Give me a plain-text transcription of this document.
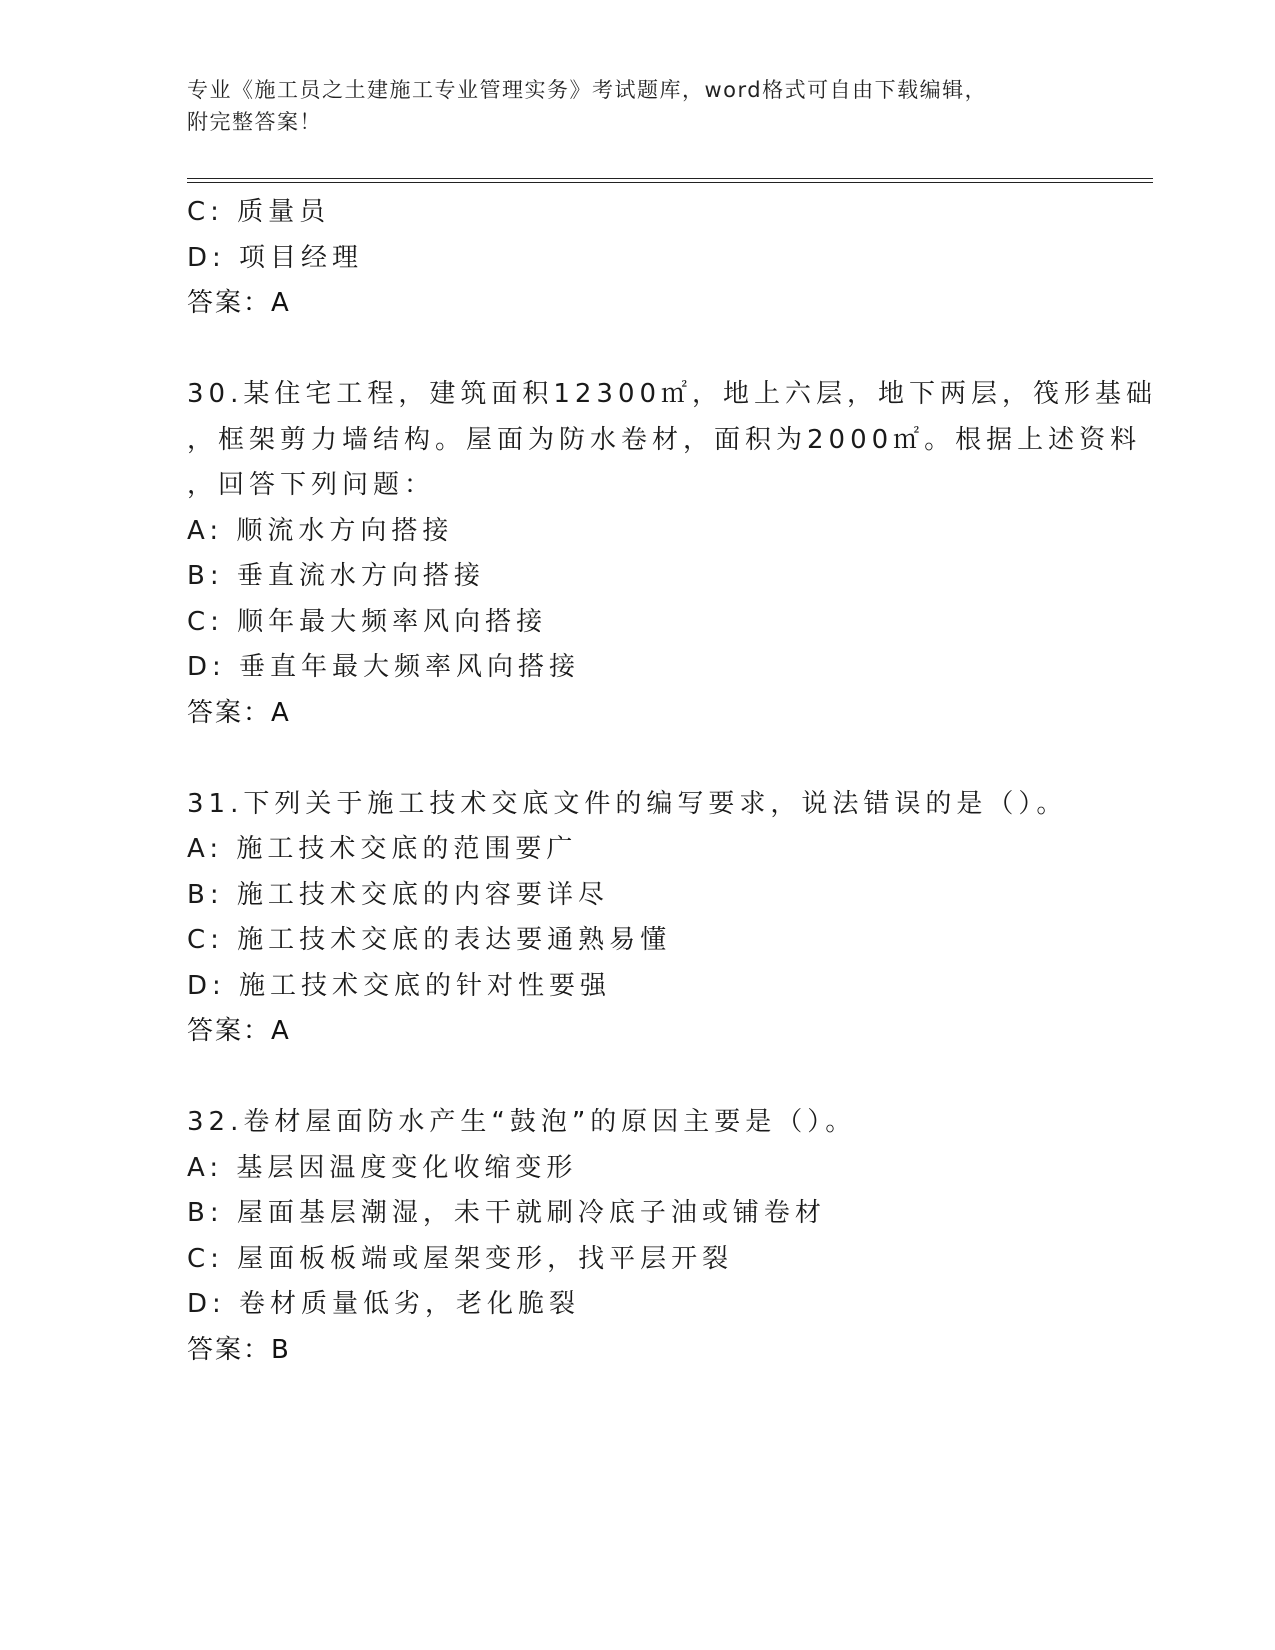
专业《施工员之土建施工专业管理实务》考试题库，word格式可自由下载编辑，
附完整答案！
C: 质量员
D: 项目经理
答案：A
30.某住宅工程，建筑面积12300㎡，地上六层，地下两层，筏形基础
，框架剪力墙结构。屋面为防水卷材，面积为2000㎡。根据上述资料
，回答下列问题：
A: 顺流水方向搭接
B: 垂直流水方向搭接
C: 顺年最大频率风向搭接
D: 垂直年最大频率风向搭接
答案：A
31.下列关于施工技术交底文件的编写要求，说法错误的是（）。
A: 施工技术交底的范围要广
B: 施工技术交底的内容要详尽
C: 施工技术交底的表达要通熟易懂
D: 施工技术交底的针对性要强
答案：A
32.卷材屋面防水产生“鼓泡”的原因主要是（）。
A: 基层因温度变化收缩变形
B: 屋面基层潮湿，未干就刷冷底子油或铺卷材
C: 屋面板板端或屋架变形，找平层开裂
D: 卷材质量低劣，老化脆裂
答案：B
